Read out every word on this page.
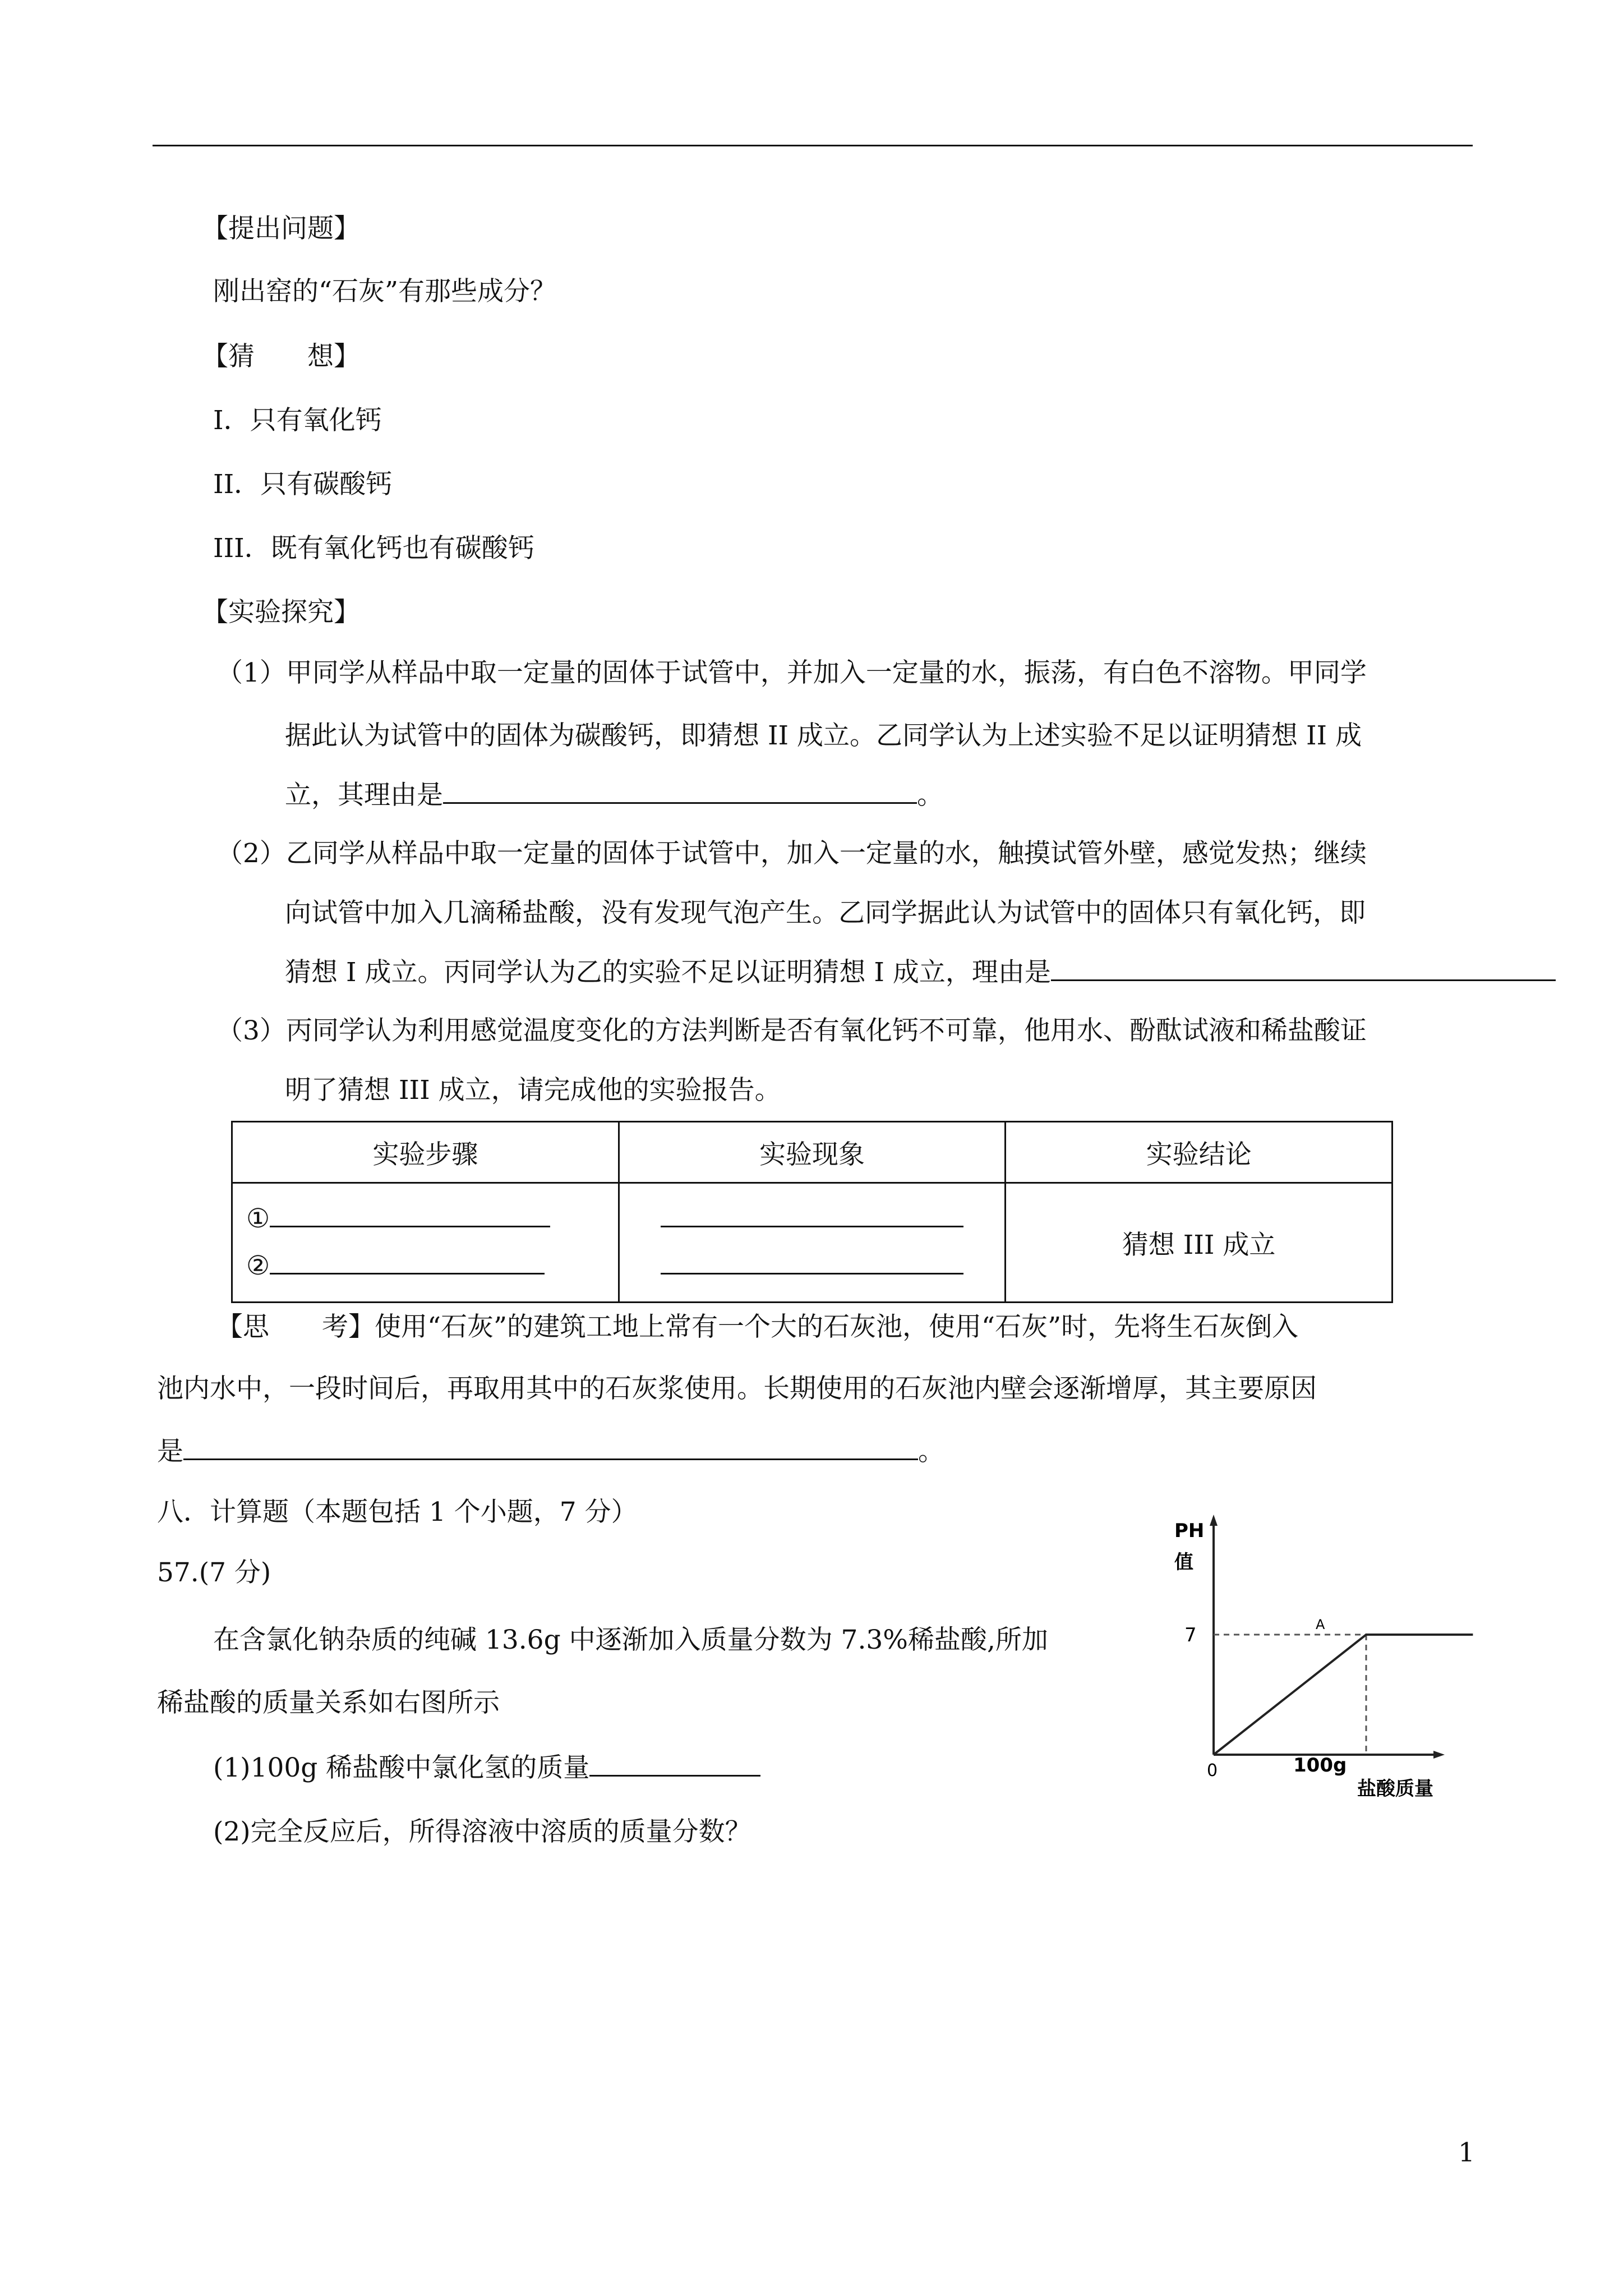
【提出问题】
刚出窑的“石灰”有那些成分？
【猜　　想】
I．只有氧化钙
II．只有碳酸钙
III．既有氧化钙也有碳酸钙
【实验探究】
（1）甲同学从样品中取一定量的固体于试管中，并加入一定量的水，振荡，有白色不溶物。甲同学
据此认为试管中的固体为碳酸钙，即猜想 II 成立。乙同学认为上述实验不足以证明猜想 II 成
立，其理由是	。
（2）乙同学从样品中取一定量的固体于试管中，加入一定量的水，触摸试管外壁，感觉发热；继续
向试管中加入几滴稀盐酸，没有发现气泡产生。乙同学据此认为试管中的固体只有氧化钙，即
猜想 I 成立。丙同学认为乙的实验不足以证明猜想 I 成立，理由是
（3）丙同学认为利用感觉温度变化的方法判断是否有氧化钙不可靠，他用水、酚酞试液和稀盐酸证
明了猜想 III 成立，请完成他的实验报告。
实验步骤	实验现象	实验结论

①
②		猜想 III 成立
【思　　考】使用“石灰”的建筑工地上常有一个大的石灰池，使用“石灰”时，先将生石灰倒入
池内水中，一段时间后，再取用其中的石灰浆使用。长期使用的石灰池内壁会逐渐增厚，其主要原因
是	。
八．计算题（本题包括 1 个小题，7 分）
57.(7 分)
在含氯化钠杂质的纯碱 13.6g 中逐渐加入质量分数为 7.3%稀盐酸,所加
稀盐酸的质量关系如右图所示
(1)100g 稀盐酸中氯化氢的质量
(2)完全反应后，所得溶液中溶质的质量分数？
PH
值
7
0	100g
盐酸质量
A
1
